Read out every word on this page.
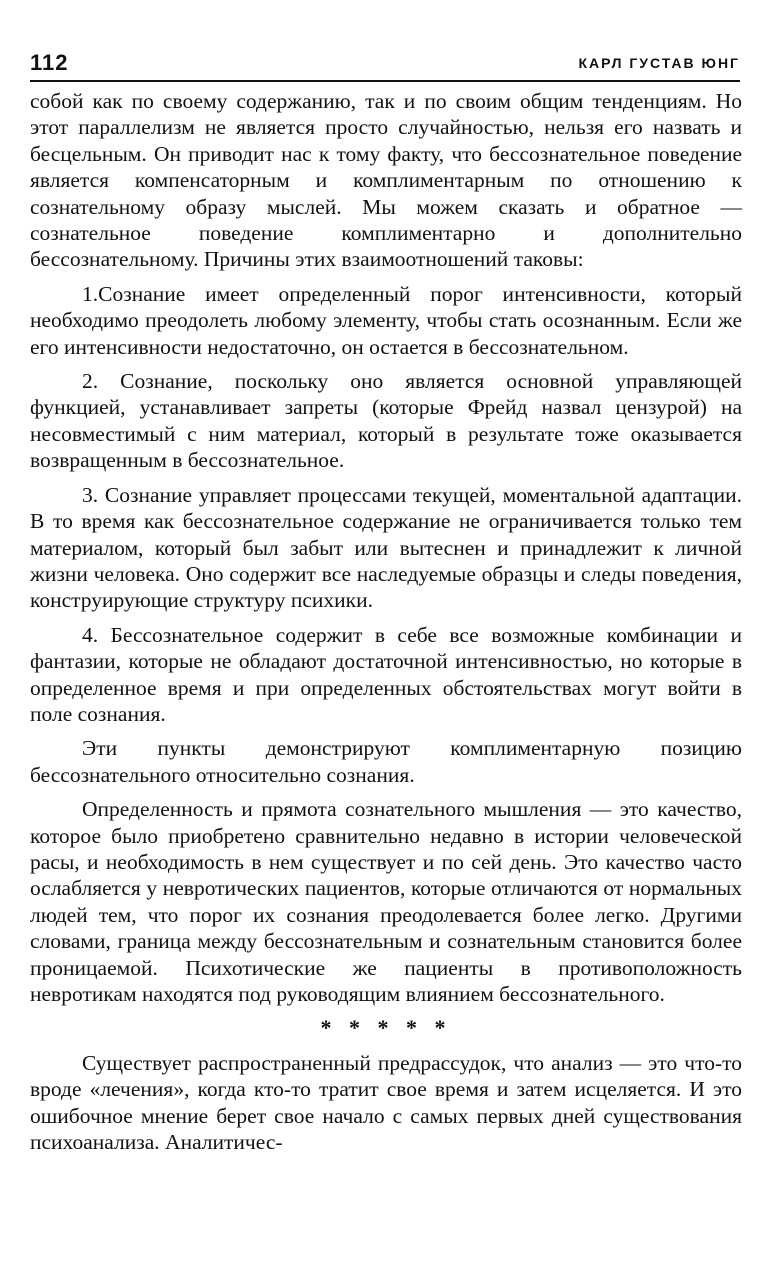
112	КАРЛ ГУСТАВ ЮНГ

собой как по своему содержанию, так и по своим общим тенденциям. Но этот параллелизм не является просто случайностью, нельзя его назвать и бесцельным. Он приводит нас к тому факту, что бессознательное поведение является компенсаторным и комплиментарным по отношению к сознательному образу мыслей. Мы можем сказать и обратное — сознательное поведение комплиментарно и дополнительно бессознательному. Причины этих взаимоотношений таковы:

1.Сознание имеет определенный порог интенсивности, который необходимо преодолеть любому элементу, чтобы стать осознанным. Если же его интенсивности недостаточно, он остается в бессознательном.

2. Сознание, поскольку оно является основной управляющей функцией, устанавливает запреты (которые Фрейд назвал цензурой) на несовместимый с ним материал, который в результате тоже оказывается возвращенным в бессознательное.

3. Сознание управляет процессами текущей, моментальной адаптации. В то время как бессознательное содержание не ограничивается только тем материалом, который был забыт или вытеснен и принадлежит к личной жизни человека. Оно содержит все наследуемые образцы и следы поведения, конструирующие структуру психики.

4. Бессознательное содержит в себе все возможные комбинации и фантазии, которые не обладают достаточной интенсивностью, но которые в определенное время и при определенных обстоятельствах могут войти в поле сознания.

Эти пункты демонстрируют комплиментарную позицию бессознательного относительно сознания.

Определенность и прямота сознательного мышления — это качество, которое было приобретено сравнительно недавно в истории человеческой расы, и необходимость в нем существует и по сей день. Это качество часто ослабляется у невротических пациентов, которые отличаются от нормальных людей тем, что порог их сознания преодолевается более легко. Другими словами, граница между бессознательным и сознательным становится более проницаемой. Психотические же пациенты в противоположность невротикам находятся под руководящим влиянием бессознательного.

* * * * *

Существует распространенный предрассудок, что анализ — это что-то вроде «лечения», когда кто-то тратит свое время и затем исцеляется. И это ошибочное мнение берет свое начало с самых первых дней существования психоанализа. Аналитичес-
